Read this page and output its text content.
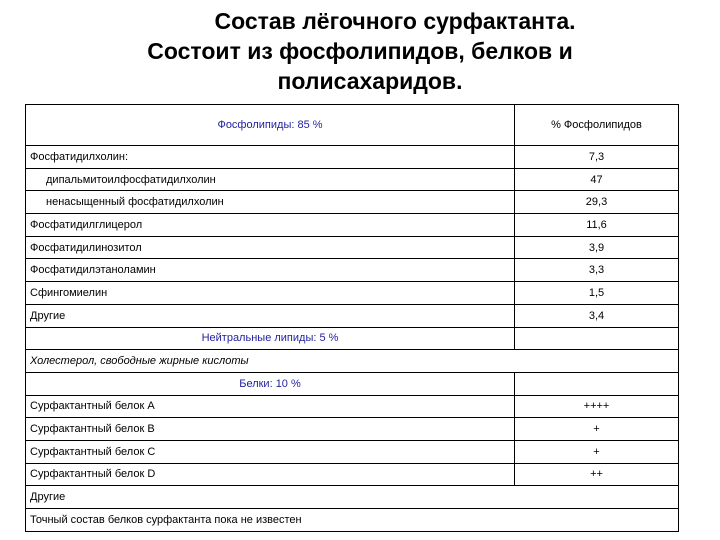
Состав лёгочного сурфактанта.
Состоит из фосфолипидов, белков и
полисахаридов.
Фосфолипиды: 85 %	% Фосфолипидов
Фосфатидилхолин:	7,3
дипальмитоилфосфатидилхолин	47
ненасыщенный фосфатидилхолин	29,3
Фосфатидилглицерол	11,6
Фосфатидилинозитол	3,9
Фосфатидилэтаноламин	3,3
Сфингомиелин	1,5
Другие	3,4
Нейтральные липиды: 5 %	
Холестерол, свободные жирные кислоты	
Белки: 10 %	
Сурфактантный белок A	++++
Сурфактантный белок B	+
Сурфактантный белок C	+
Сурфактантный белок D	++
Другие	
Точный состав белков сурфактанта пока не известен	
